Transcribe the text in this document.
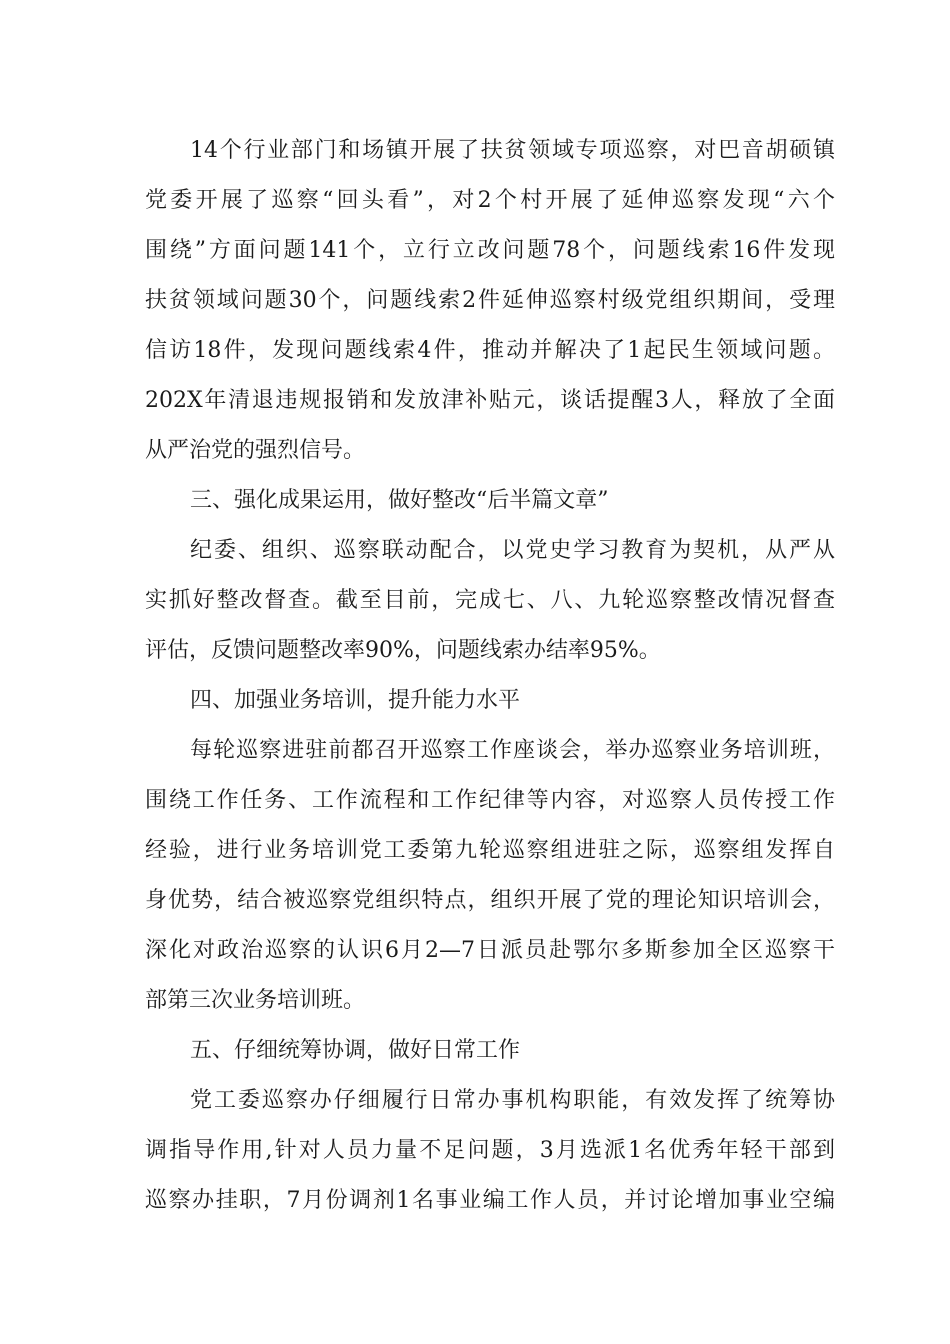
14个行业部门和场镇开展了扶贫领域专项巡察，对巴音胡硕镇
党委开展了巡察“回头看”，对2个村开展了延伸巡察发现“六个
围绕”方面问题141个，立行立改问题78个，问题线索16件发现
扶贫领域问题30个，问题线索2件延伸巡察村级党组织期间，受理
信访18件，发现问题线索4件，推动并解决了1起民生领域问题。
202X年清退违规报销和发放津补贴元，谈话提醒3人，释放了全面
从严治党的强烈信号。
三、强化成果运用，做好整改“后半篇文章”
纪委、组织、巡察联动配合，以党史学习教育为契机，从严从
实抓好整改督查。截至目前，完成七、八、九轮巡察整改情况督查
评估，反馈问题整改率90%，问题线索办结率95%。
四、加强业务培训，提升能力水平
每轮巡察进驻前都召开巡察工作座谈会，举办巡察业务培训班，
围绕工作任务、工作流程和工作纪律等内容，对巡察人员传授工作
经验，进行业务培训党工委第九轮巡察组进驻之际，巡察组发挥自
身优势，结合被巡察党组织特点，组织开展了党的理论知识培训会，
深化对政治巡察的认识6月2—7日派员赴鄂尔多斯参加全区巡察干
部第三次业务培训班。
五、仔细统筹协调，做好日常工作
党工委巡察办仔细履行日常办事机构职能，有效发挥了统筹协
调指导作用,针对人员力量不足问题，3月选派1名优秀年轻干部到
巡察办挂职，7月份调剂1名事业编工作人员，并讨论增加事业空编
